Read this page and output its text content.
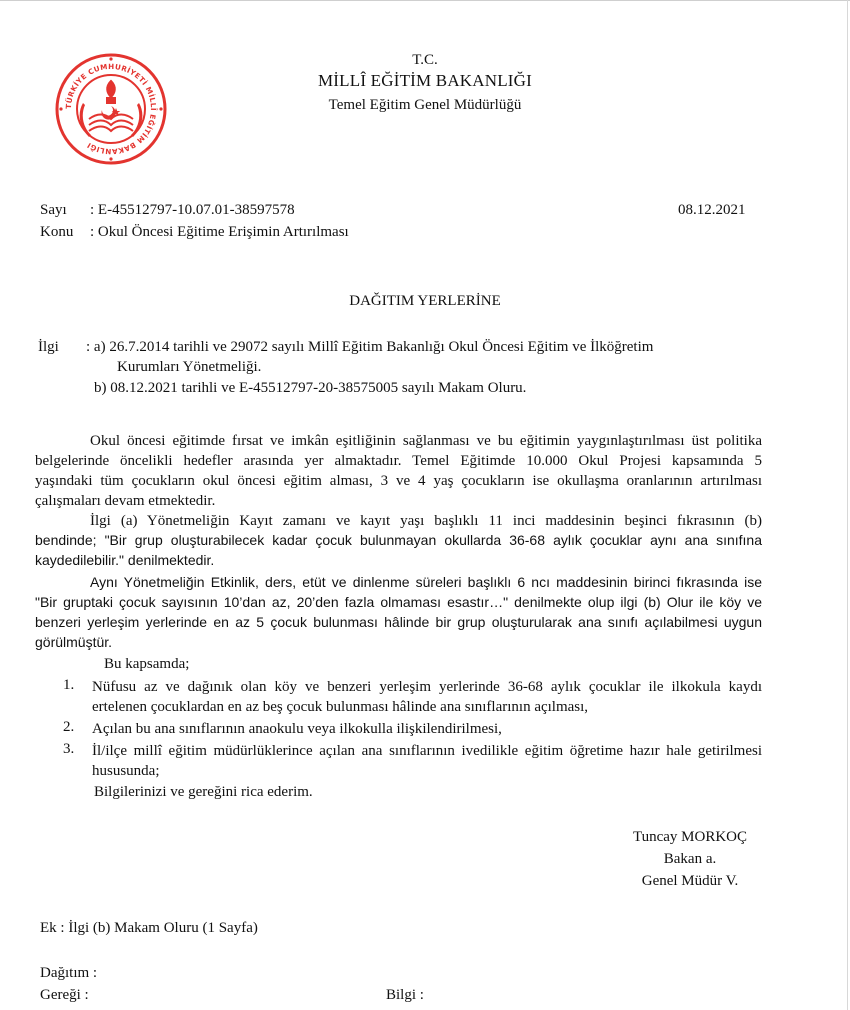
TÜRKİYE CUMHURİYETİ MİLLÎ EĞİTİM BAKANLIĞI
T.C.
MİLLÎ EĞİTİM BAKANLIĞI
Temel Eğitim Genel Müdürlüğü
Sayı : E-45512797-10.07.01-38597578	08.12.2021
Konu : Okul Öncesi Eğitime Erişimin Artırılması
DAĞITIM YERLERİNE
İlgi : a) 26.7.2014 tarihli ve 29072 sayılı Millî Eğitim Bakanlığı Okul Öncesi Eğitim ve İlköğretim
Kurumları Yönetmeliği.
b) 08.12.2021 tarihli ve E-45512797-20-38575005 sayılı Makam Oluru.
Okul öncesi eğitimde fırsat ve imkân eşitliğinin sağlanması ve bu eğitimin yaygınlaştırılması üst politika
belgelerinde öncelikli hedefler arasında yer almaktadır. Temel Eğitimde 10.000 Okul Projesi kapsamında 5
yaşındaki tüm çocukların okul öncesi eğitim alması, 3 ve 4 yaş çocukların ise okullaşma oranlarının artırılması
çalışmaları devam etmektedir.
İlgi (a) Yönetmeliğin Kayıt zamanı ve kayıt yaşı başlıklı 11 inci maddesinin beşinci fıkrasının (b)
bendinde; "Bir grup oluşturabilecek kadar çocuk bulunmayan okullarda 36-68 aylık çocuklar aynı ana sınıfına
kaydedilebilir." denilmektedir.
Aynı Yönetmeliğin Etkinlik, ders, etüt ve dinlenme süreleri başlıklı 6 ncı maddesinin birinci fıkrasında ise
"Bir gruptaki çocuk sayısının 10’dan az, 20’den fazla olmaması esastır…" denilmekte olup ilgi (b) Olur ile köy ve
benzeri yerleşim yerlerinde en az 5 çocuk bulunması hâlinde bir grup oluşturularak ana sınıfı açılabilmesi uygun
görülmüştür.
Bu kapsamda;
1. Nüfusu az ve dağınık olan köy ve benzeri yerleşim yerlerinde 36-68 aylık çocuklar ile ilkokula kaydı
ertelenen çocuklardan en az beş çocuk bulunması hâlinde ana sınıflarının açılması,
2. Açılan bu ana sınıflarının anaokulu veya ilkokulla ilişkilendirilmesi,
3. İl/ilçe millî eğitim müdürlüklerince açılan ana sınıflarının ivedilikle eğitim öğretime hazır hale getirilmesi
hususunda;
Bilgilerinizi ve gereğini rica ederim.
Tuncay MORKOÇ
Bakan a.
Genel Müdür V.
Ek : İlgi (b) Makam Oluru (1 Sayfa)
Dağıtım :
Gereği :	Bilgi :
